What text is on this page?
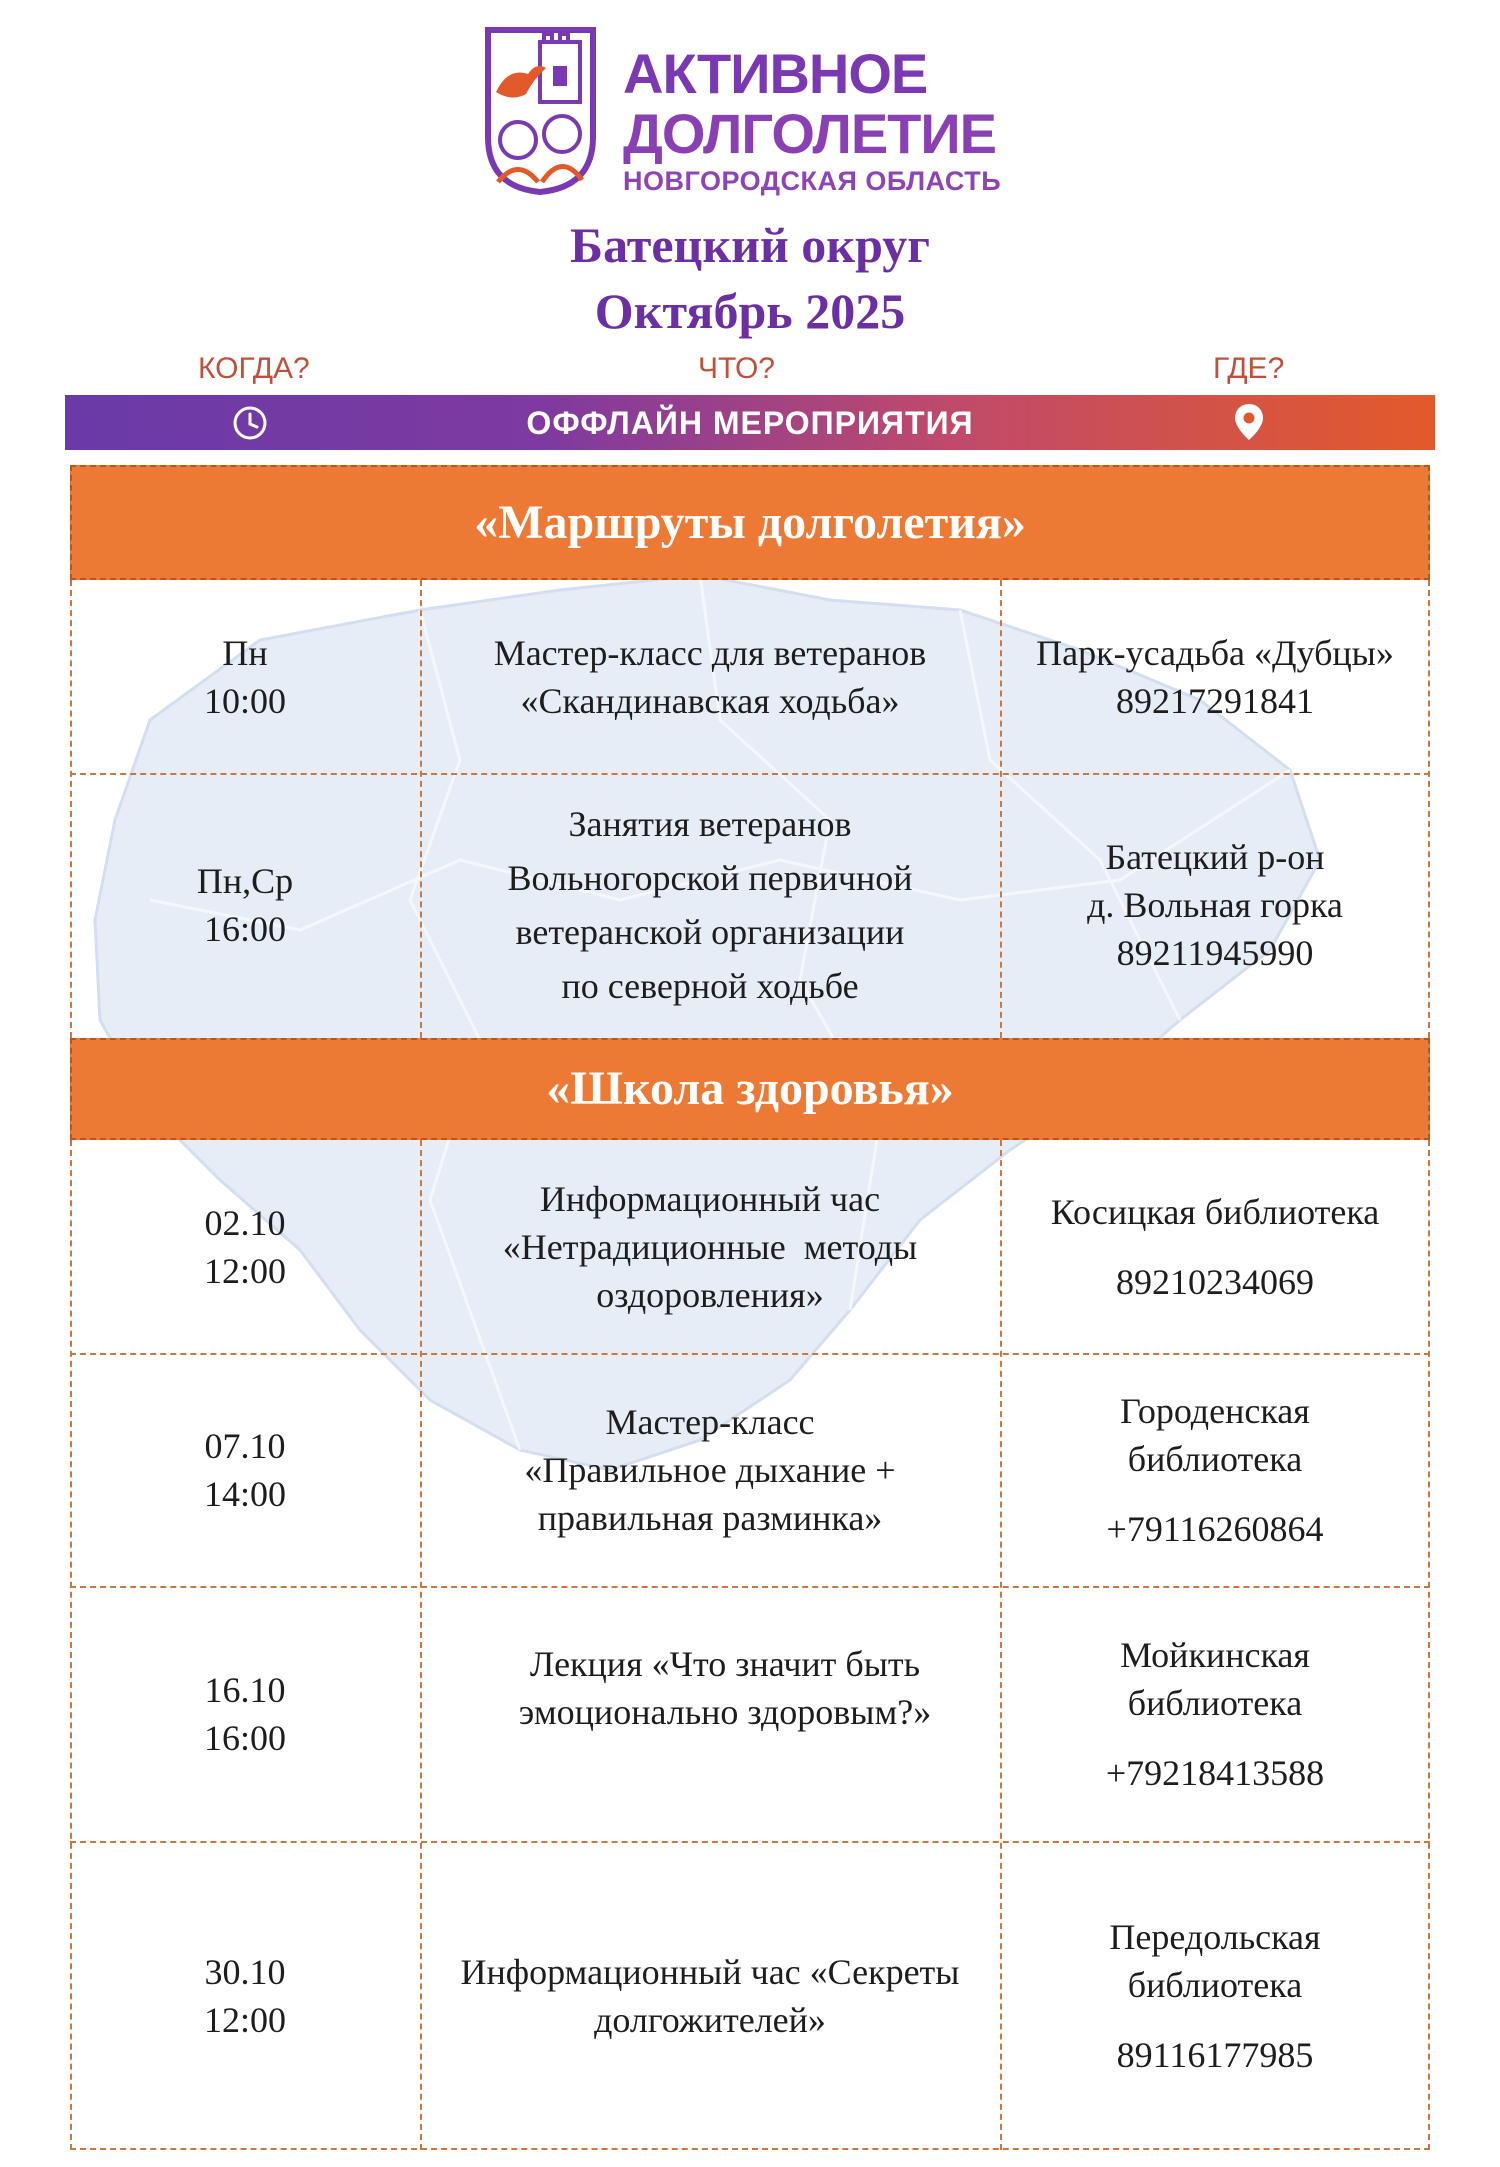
АКТИВНОЕ
ДОЛГОЛЕТИЕ
НОВГОРОДСКАЯ ОБЛАСТЬ
Батецкий округ
Октябрь 2025
КОГДА?	ЧТО?	ГДЕ?
ОФФЛАЙН МЕРОПРИЯТИЯ
«Маршруты долголетия»
Пн
10:00
Мастер-класс для ветеранов
«Скандинавская ходьба»
Парк-усадьба «Дубцы»
89217291841
Пн,Ср
16:00
Занятия ветеранов
Вольногорской первичной
ветеранской организации
по северной ходьбе
Батецкий р-он
д. Вольная горка
89211945990
«Школа здоровья»
02.10
12:00
Информационный час
«Нетрадиционные  методы
оздоровления»
Косицкая библиотека
89210234069
07.10
14:00
Мастер-класс
«Правильное дыхание +
правильная разминка»
Городенская
библиотека
+79116260864
16.10
16:00
Лекция «Что значит быть
эмоционально здоровым?»
Мойкинская
библиотека
+79218413588
30.10
12:00
Информационный час «Секреты
долгожителей»
Передольская
библиотека
89116177985
